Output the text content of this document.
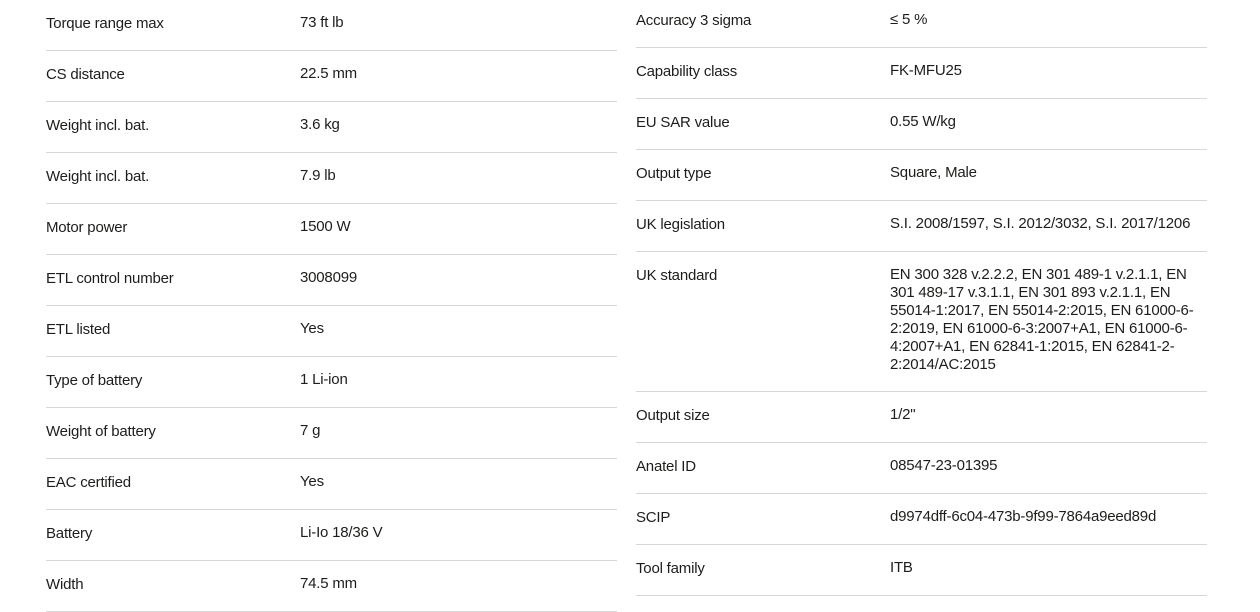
Torque range max	73 ft lb
CS distance	22.5 mm
Weight incl. bat.	3.6 kg
Weight incl. bat.	7.9 lb
Motor power	1500 W
ETL control number	3008099
ETL listed	Yes
Type of battery	1 Li-ion
Weight of battery	7 g
EAC certified	Yes
Battery	Li-Io 18/36 V
Width	74.5 mm
Accuracy 3 sigma	≤ 5 %
Capability class	FK-MFU25
EU SAR value	0.55 W/kg
Output type	Square, Male
UK legislation	S.I. 2008/1597, S.I. 2012/3032, S.I. 2017/1206
UK standard	EN 300 328 v.2.2.2, EN 301 489-1 v.2.1.1, EN 301 489-17 v.3.1.1, EN 301 893 v.2.1.1, EN 55014-1:2017, EN 55014-2:2015, EN 61000-6-2:2019, EN 61000-6-3:2007+A1, EN 61000-6-4:2007+A1, EN 62841-1:2015, EN 62841-2-2:2014/AC:2015
Output size	1/2"
Anatel ID	08547-23-01395
SCIP	d9974dff-6c04-473b-9f99-7864a9eed89d
Tool family	ITB
